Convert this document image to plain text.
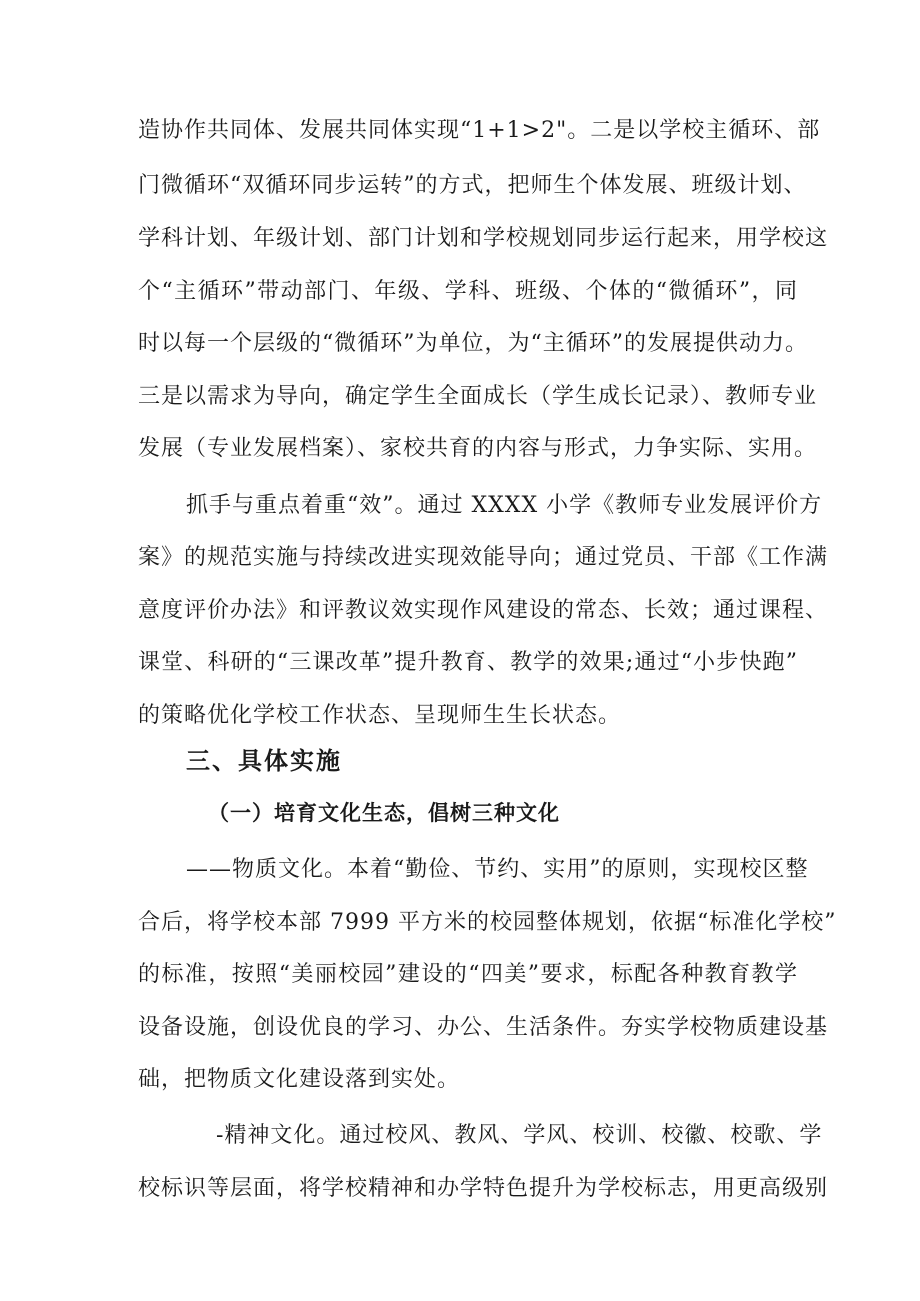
造协作共同体、发展共同体实现“1+1>2"。二是以学校主循环、部
门微循环“双循环同步运转”的方式，把师生个体发展、班级计划、
学科计划、年级计划、部门计划和学校规划同步运行起来，用学校这
个“主循环”带动部门、年级、学科、班级、个体的“微循环”，同
时以每一个层级的“微循环”为单位，为“主循环”的发展提供动力。
三是以需求为导向，确定学生全面成长（学生成长记录）、教师专业
发展（专业发展档案）、家校共育的内容与形式，力争实际、实用。
抓手与重点着重“效”。通过 XXXX 小学《教师专业发展评价方
案》的规范实施与持续改进实现效能导向；通过党员、干部《工作满
意度评价办法》和评教议效实现作风建设的常态、长效；通过课程、
课堂、科研的“三课改革”提升教育、教学的效果;通过“小步快跑”
的策略优化学校工作状态、呈现师生生长状态。
三、具体实施
（一）培育文化生态，倡树三种文化
——物质文化。本着“勤俭、节约、实用”的原则，实现校区整
合后，将学校本部 7999 平方米的校园整体规划，依据“标准化学校”
的标准，按照“美丽校园”建设的“四美”要求，标配各种教育教学
设备设施，创设优良的学习、办公、生活条件。夯实学校物质建设基
础，把物质文化建设落到实处。
-精神文化。通过校风、教风、学风、校训、校徽、校歌、学
校标识等层面，将学校精神和办学特色提升为学校标志，用更高级别
